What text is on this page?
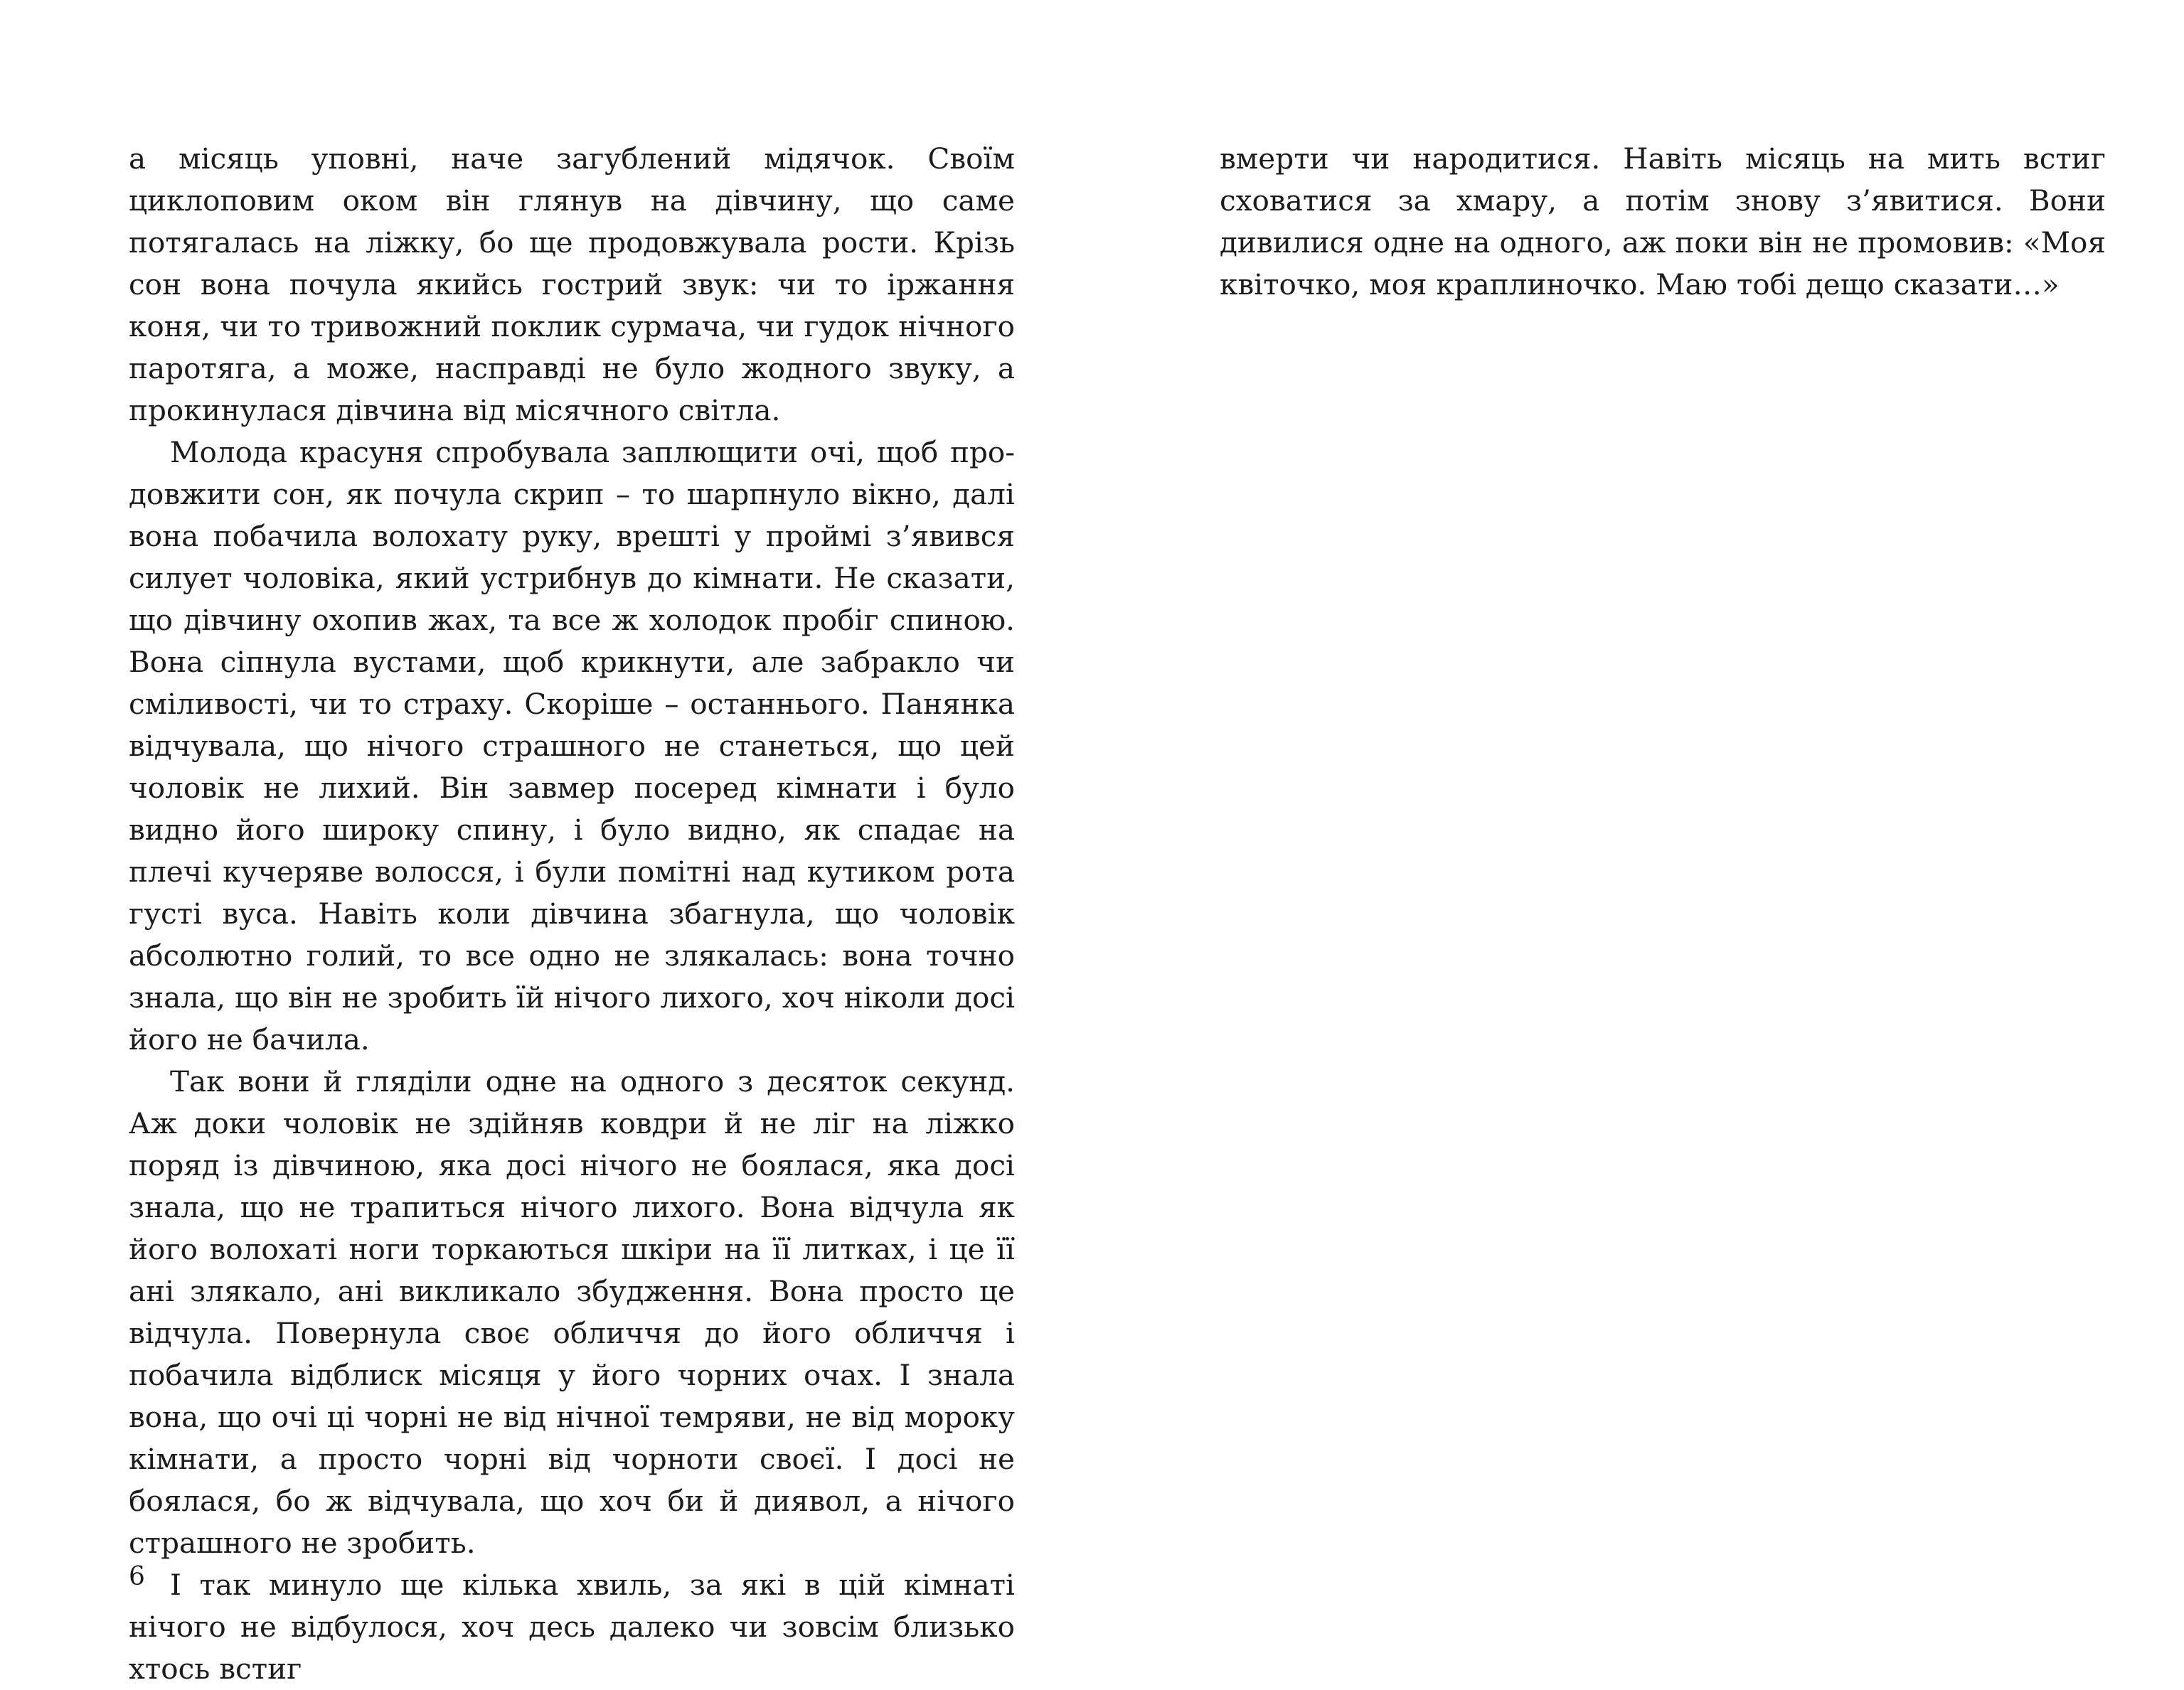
а місяць уповні, наче загублений мідячок. Своїм циклоповим оком він глянув на дівчину, що саме потягалась на ліжку, бо ще продовжувала рости. Крізь сон вона почула якийсь гострий звук: чи то іржання коня, чи то тривожний поклик сурмача, чи гудок нічного паротяга, а може, насправді не було жодного звуку, а прокинулася дівчина від місячного світла.

Молода красуня спробувала заплющити очі, щоб продовжити сон, як почула скрип – то шарпнуло вікно, далі вона побачила волохату руку, врешті у проймі з’явився силует чоловіка, який устрибнув до кімнати. Не сказати, що дівчину охопив жах, та все ж холодок пробіг спиною. Вона сіпнула вустами, щоб крикнути, але забракло чи сміливості, чи то страху. Скоріше – останнього. Панянка відчувала, що нічого страшного не станеться, що цей чоловік не лихий. Він завмер посеред кімнати і було видно його широку спину, і було видно, як спадає на плечі кучеряве волосся, і були помітні над кутиком рота густі вуса. Навіть коли дівчина збагнула, що чоловік абсолютно голий, то все одно не злякалась: вона точно знала, що він не зробить їй нічого лихого, хоч ніколи досі його не бачила.

Так вони й гляділи одне на одного з десяток секунд. Аж доки чоловік не здійняв ковдри й не ліг на ліжко поряд із дівчиною, яка досі нічого не боялася, яка досі знала, що не трапиться нічого лихого. Вона відчула як його волохаті ноги торкаються шкіри на її литках, і це її ані злякало, ані викликало збудження. Вона просто це відчула. Повернула своє обличчя до його обличчя і побачила відблиск місяця у його чорних очах. І знала вона, що очі ці чорні не від нічної темряви, не від мороку кімнати, а просто чорні від чорноти своєї. І досі не боялася, бо ж відчувала, що хоч би й диявол, а нічого страшного не зробить.

І так минуло ще кілька хвиль, за які в цій кімнаті нічого не відбулося, хоч десь далеко чи зовсім близько хтось встиг

6

вмерти чи народитися. Навіть місяць на мить встиг сховатися за хмару, а потім знову з’явитися. Вони дивилися одне на одного, аж поки він не промовив: «Моя квіточко, моя краплиночко. Маю тобі дещо сказати…»
